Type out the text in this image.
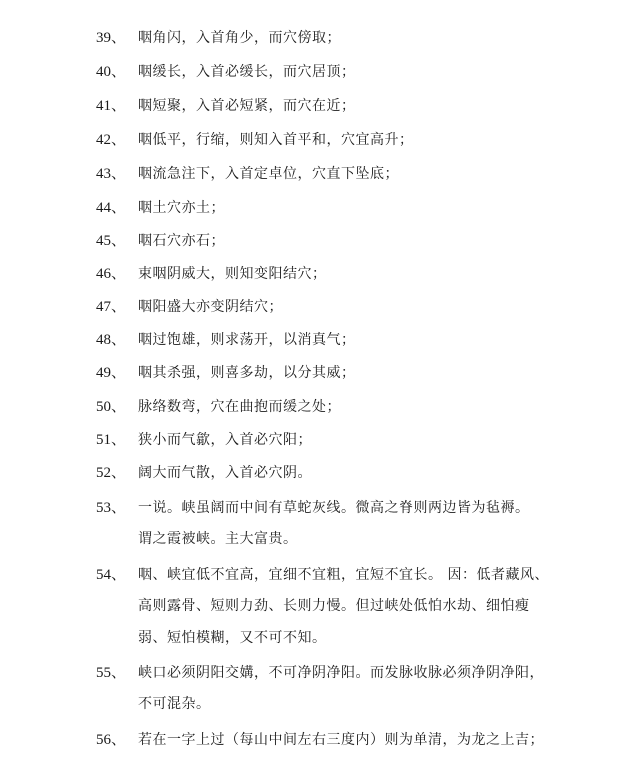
39、 咽角闪，入首角少，而穴傍取；
40、 咽缓长，入首必缓长，而穴居顶；
41、 咽短聚，入首必短紧，而穴在近；
42、 咽低平，行缩，则知入首平和，穴宜高升；
43、 咽流急注下，入首定卓位，穴直下坠底；
44、 咽土穴亦土；
45、 咽石穴亦石；
46、 束咽阴威大，则知变阳结穴；
47、 咽阳盛大亦变阴结穴；
48、 咽过饱雄，则求荡开，以消真气；
49、 咽其杀强，则喜多劫，以分其威；
50、 脉络数弯，穴在曲抱而缓之处；
51、 狭小而气歙，入首必穴阳；
52、 阔大而气散，入首必穴阴。
53、 一说。峡虽阔而中间有草蛇灰线。微高之脊则两边皆为毡褥。
谓之霞被峡。主大富贵。
54、 咽、峡宜低不宜高，宜细不宜粗，宜短不宜长。 因：低者藏风、
高则露骨、短则力劲、长则力慢。但过峡处低怕水劫、细怕瘦
弱、短怕模糊，又不可不知。
55、 峡口必须阴阳交媾，不可净阴净阳。而发脉收脉必须净阴净阳，
不可混杂。
56、 若在一字上过（每山中间左右三度内）则为单清，为龙之上吉；
